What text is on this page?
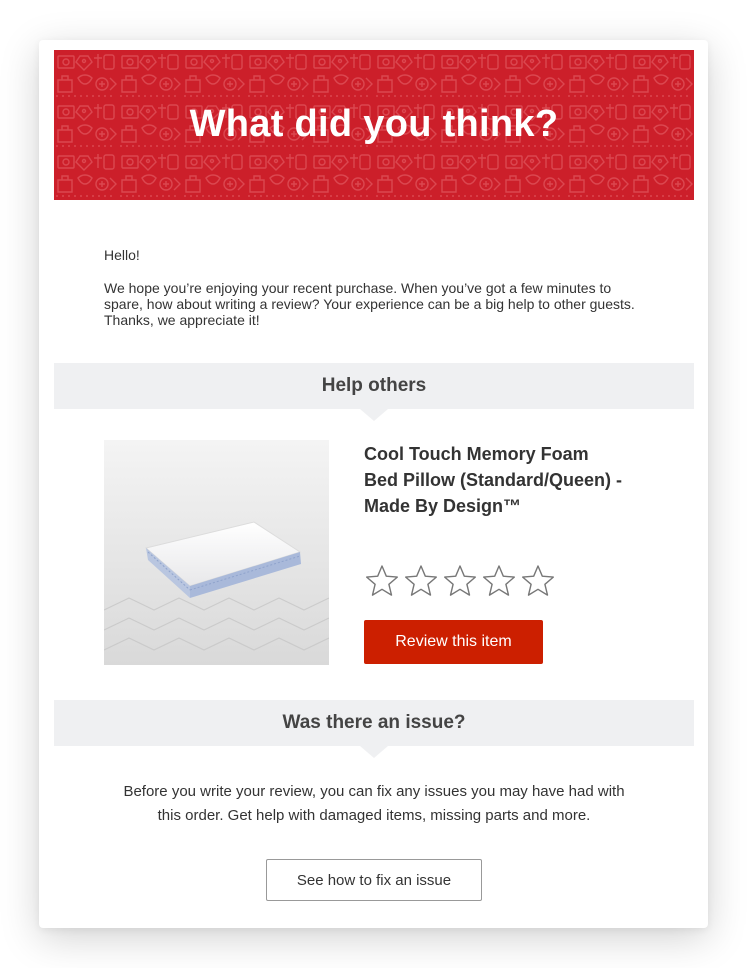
What did you think?

Hello!

We hope you’re enjoying your recent purchase. When you’ve got a few minutes to spare, how about writing a review? Your experience can be a big help to other guests. Thanks, we appreciate it!

Help others
Cool Touch Memory Foam Bed Pillow (Standard/Queen) - Made By Design™
Review this item
Was there an issue?
Before you write your review, you can fix any issues you may have had with this order. Get help with damaged items, missing parts and more.
See how to fix an issue
